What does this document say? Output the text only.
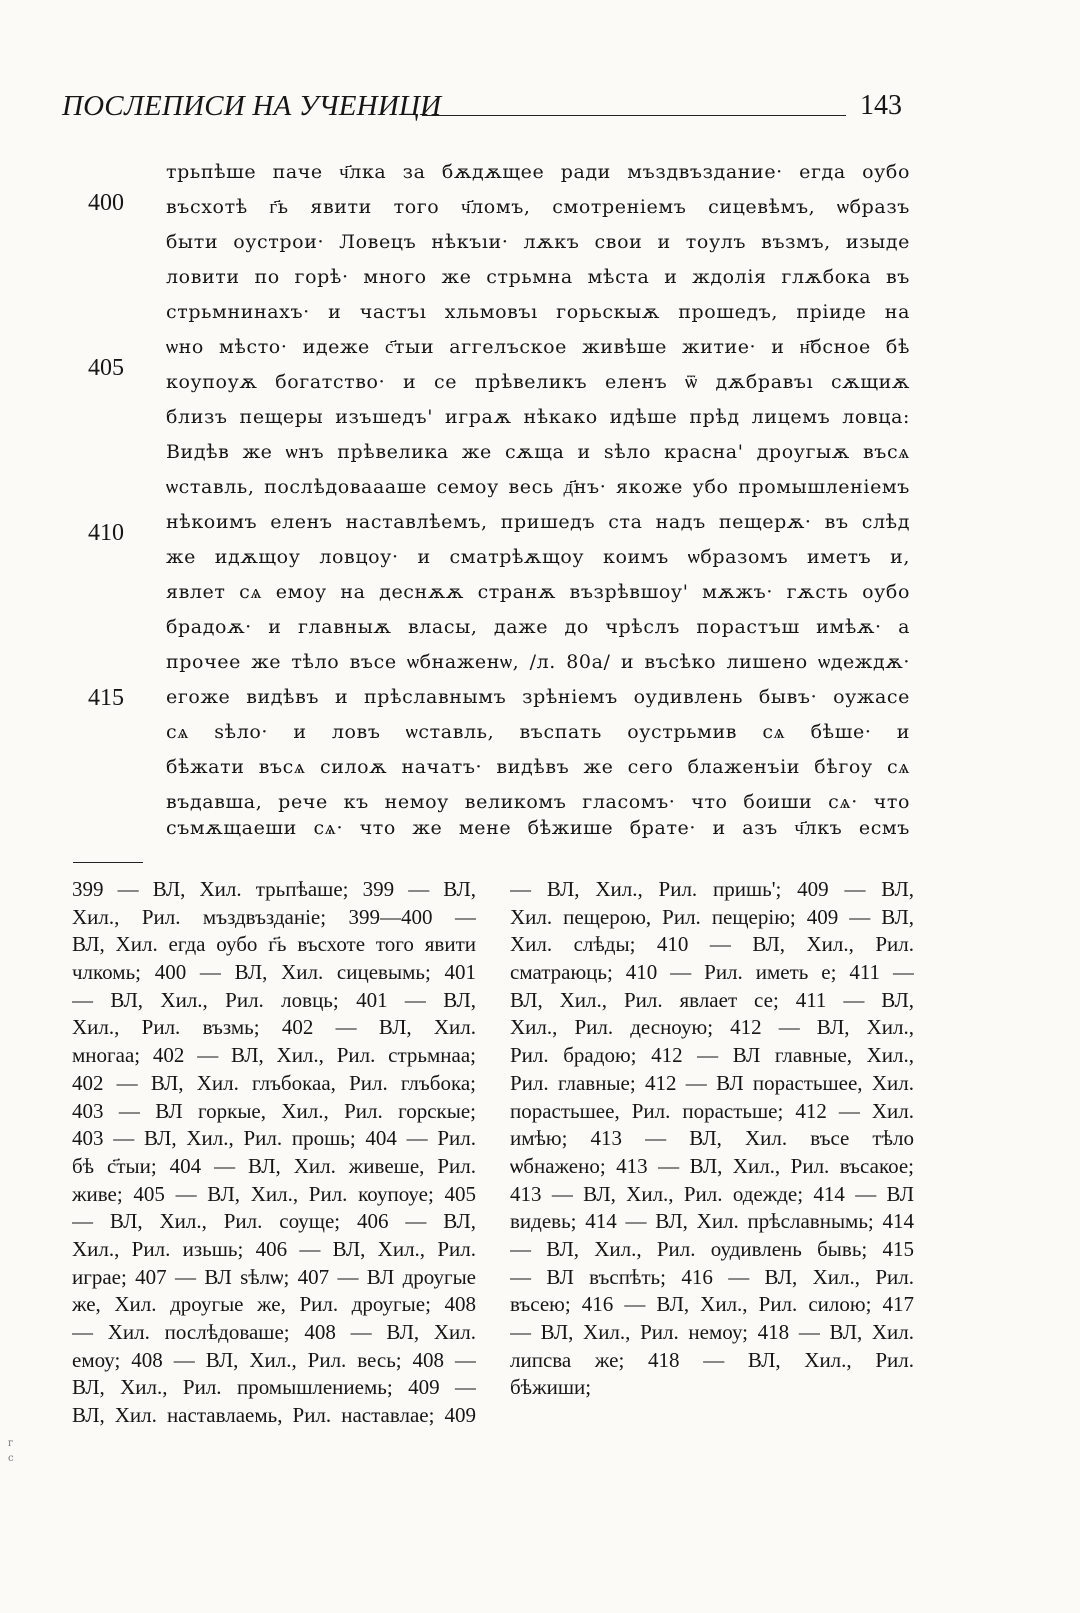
ПОСЛЕПИСИ НА УЧЕНИЦИ	143
трьпѣше паче ч҃лка за бѫдѫщее ради мъздвъздание· егда оубо
въсхотѣ г҃ь явити того ч҃ломъ, смотреніемъ сицевѣмъ, ѡбразъ
быти оустрои· Ловецъ нѣкъıи· лѫкъ свои и тоулъ възмъ, изыде
ловити по горѣ· много же стрьмна мѣста и ждолія глѫбока въ
стрьмнинахъ· и частъı хльмовъı горьскыѫ прошедъ, пріиде на
ѡно мѣсто· идеже с҃тыи аггелъское живѣше житие· и н҃бсное бѣ
коупоуѫ богатство· и се прѣвеликъ еленъ ѿ дѫбравъı сѫщиѫ
близъ пещеры изъшедъ' играѫ нѣкако идѣше прѣд лицемъ ловца:
Видѣв же ѡнъ прѣвелика же сѫща и ѕѣло красна' дроугыѫ въсѧ
ѡставль, послѣдоваааше семоу весь д҃нъ· якоже убо промышленіемъ
нѣкоимъ еленъ наставлѣемъ, пришедъ ста надъ пещерѫ· въ слѣд
же идѫщоу ловцоу· и сматрѣѫщоу коимъ ѡбразомъ иметъ и,
явлет сѧ емоу на деснѫѫ странѫ възрѣвшоу' мѫжъ· гѫсть оубо
брадоѫ· и главныѫ власы, даже до чрѣслъ порастъш имѣѫ· а
прочее же тѣло въсе ѡбнаженѡ, /л. 80а/ и въсѣко лишено ѡдеждѫ·
егоже видѣвъ и прѣславнымъ зрѣніемъ оудивлень бывъ· оужасе
сѧ ѕѣло· и ловъ ѡставль, въспать оустрьмив сѧ бѣше· и
бѣжати въсѧ силоѫ начатъ· видѣвъ же сего блаженъіи бѣгоу сѧ
въдавша, рече къ немоу великомъ гласомъ· что боиши сѧ· что
съмѫщаеши сѧ· что же мене бѣжише брате· и азъ ч҃лкъ есмъ
400
405
410
415
399 — ВЛ, Хил. трьпѣаше; 399 — ВЛ,
Хил., Рил. мъздвъзданіе; 399—400 —
ВЛ, Хил. егда оубо г҃ь въсхоте того явити
члкомь; 400 — ВЛ, Хил. сицевымь; 401
— ВЛ, Хил., Рил. ловць; 401 — ВЛ,
Хил., Рил. възмь; 402 — ВЛ, Хил.
многаа; 402 — ВЛ, Хил., Рил. стрьмнаа;
402 — ВЛ, Хил. глъбокаа, Рил. глъбока;
403 — ВЛ горкые, Хил., Рил. горскые;
403 — ВЛ, Хил., Рил. прошь; 404 — Рил.
бѣ с҃тыи; 404 — ВЛ, Хил. живеше, Рил.
живе; 405 — ВЛ, Хил., Рил. коупоуе; 405
— ВЛ, Хил., Рил. соуще; 406 — ВЛ,
Хил., Рил. изьшь; 406 — ВЛ, Хил., Рил.
играе; 407 — ВЛ ѕѣлѡ; 407 — ВЛ дроугые
же, Хил. дроугые же, Рил. дроугые; 408
— Хил. послѣдоваше; 408 — ВЛ, Хил.
емоу; 408 — ВЛ, Хил., Рил. весь; 408 —
ВЛ, Хил., Рил. промышлениемь; 409 —
ВЛ, Хил. наставлаемь, Рил. наставлае; 409
— ВЛ, Хил., Рил. пришь'; 409 — ВЛ,
Хил. пещерою, Рил. пещерію; 409 — ВЛ,
Хил. слѣды; 410 — ВЛ, Хил., Рил.
сматраюць; 410 — Рил. иметь е; 411 —
ВЛ, Хил., Рил. явлает се; 411 — ВЛ,
Хил., Рил. десноую; 412 — ВЛ, Хил.,
Рил. брадою; 412 — ВЛ главные, Хил.,
Рил. главные; 412 — ВЛ порастьшее, Хил.
порастьшее, Рил. порастьше; 412 — Хил.
имѣю; 413 — ВЛ, Хил. въсе тѣло
ѡбнажено; 413 — ВЛ, Хил., Рил. въсакое;
413 — ВЛ, Хил., Рил. одежде; 414 — ВЛ
видевь; 414 — ВЛ, Хил. прѣславнымь; 414
— ВЛ, Хил., Рил. оудивлень бывь; 415
— ВЛ въспѣть; 416 — ВЛ, Хил., Рил.
въсею; 416 — ВЛ, Хил., Рил. силою; 417
— ВЛ, Хил., Рил. немоу; 418 — ВЛ, Хил.
липсва же; 418 — ВЛ, Хил., Рил.
бѣжиши;
г
с
